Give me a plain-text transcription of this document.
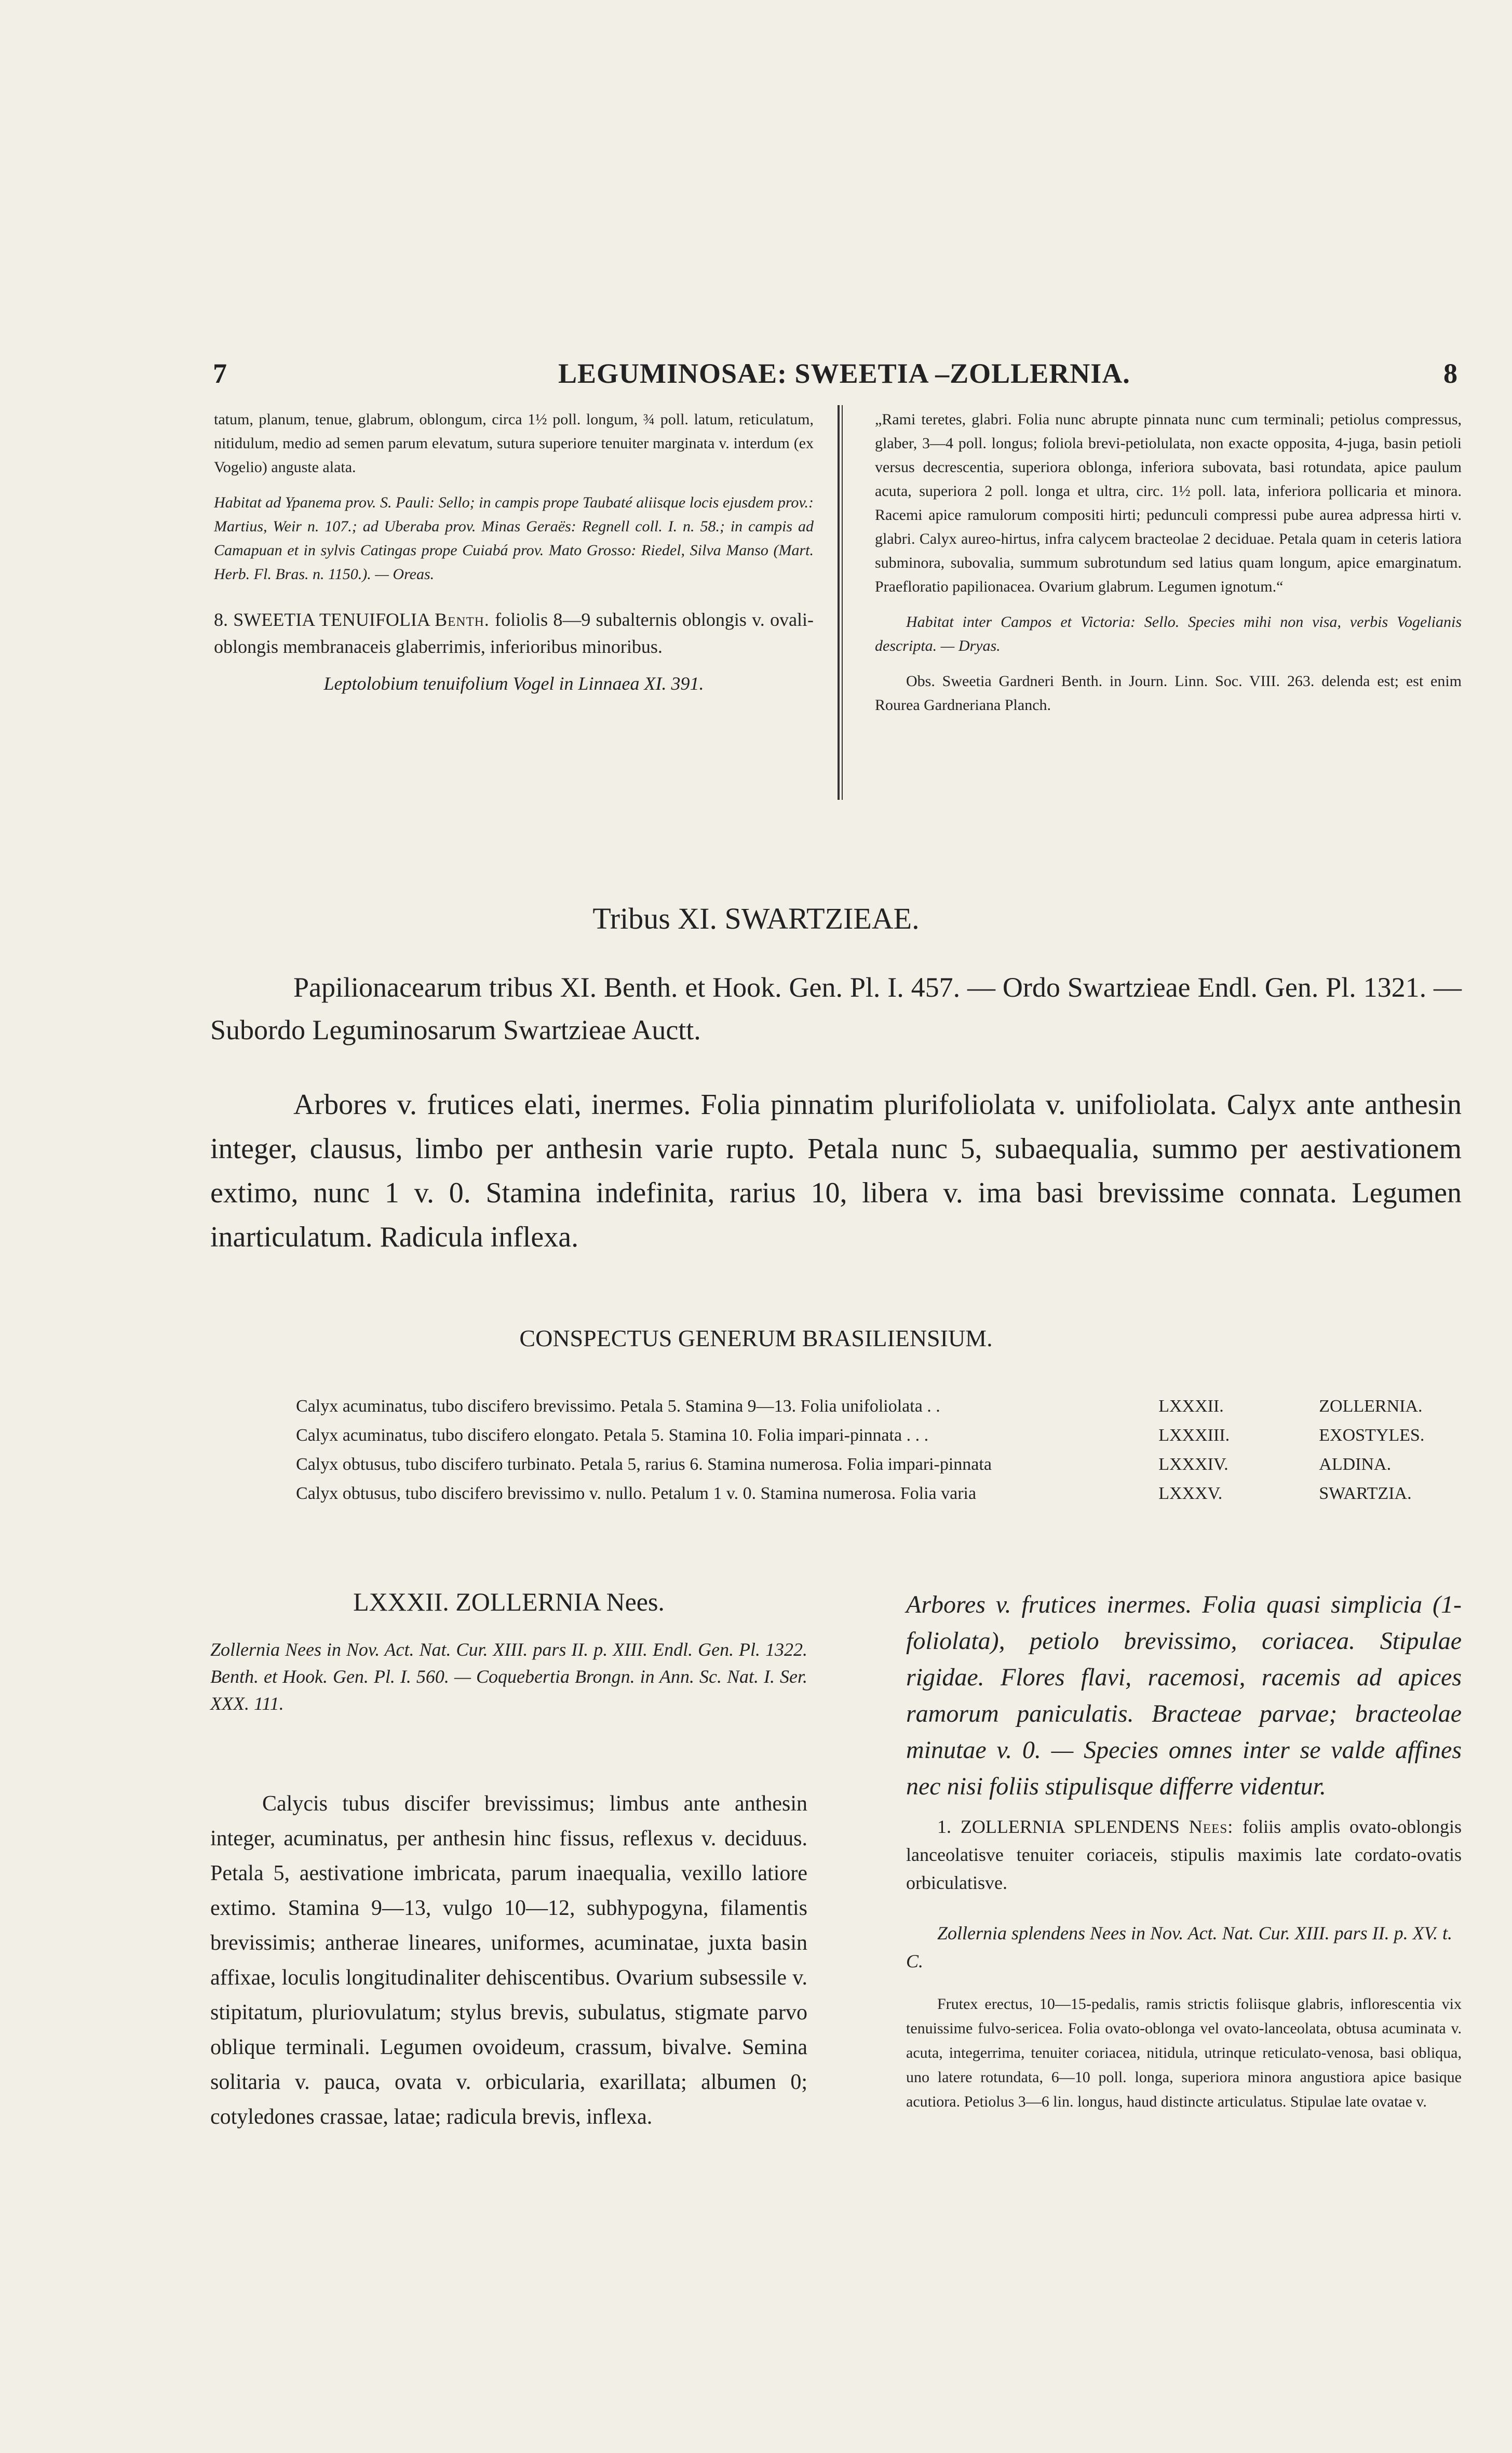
7	LEGUMINOSAE: SWEETIA –ZOLLERNIA.	8

tatum, planum, tenue, glabrum, oblongum, circa 1½ poll. longum, ¾ poll. latum, reticulatum, nitidulum, medio ad semen parum elevatum, sutura superiore tenuiter marginata v. interdum (ex Vogelio) anguste alata.

Habitat ad Ypanema prov. S. Pauli: Sello; in campis prope Taubaté aliisque locis ejusdem prov.: Martius, Weir n. 107.; ad Uberaba prov. Minas Geraës: Regnell coll. I. n. 58.; in campis ad Camapuan et in sylvis Catingas prope Cuiabá prov. Mato Grosso: Riedel, Silva Manso (Mart. Herb. Fl. Bras. n. 1150.). — Oreas.

8. SWEETIA TENUIFOLIA Benth. foliolis 8—9 subalternis oblongis v. ovali-oblongis membranaceis glaberrimis, inferioribus minoribus.

Leptolobium tenuifolium Vogel in Linnaea XI. 391.

„Rami teretes, glabri. Folia nunc abrupte pinnata nunc cum terminali; petiolus compressus, glaber, 3—4 poll. longus; foliola brevi-petiolulata, non exacte opposita, 4-juga, basin petioli versus decrescentia, superiora oblonga, inferiora subovata, basi rotundata, apice paulum acuta, superiora 2 poll. longa et ultra, circ. 1½ poll. lata, inferiora pollicaria et minora. Racemi apice ramulorum compositi hirti; pedunculi compressi pube aurea adpressa hirti v. glabri. Calyx aureo-hirtus, infra calycem bracteolae 2 deciduae. Petala quam in ceteris latiora subminora, subovalia, summum subrotundum sed latius quam longum, apice emarginatum. Praefloratio papilionacea. Ovarium glabrum. Legumen ignotum.“

Habitat inter Campos et Victoria: Sello. Species mihi non visa, verbis Vogelianis descripta. — Dryas.

Obs. Sweetia Gardneri Benth. in Journ. Linn. Soc. VIII. 263. delenda est; est enim Rourea Gardneriana Planch.

Tribus XI. SWARTZIEAE.
Papilionacearum tribus XI. Benth. et Hook. Gen. Pl. I. 457. — Ordo Swartzieae Endl. Gen. Pl. 1321. — Subordo Leguminosarum Swartzieae Auctt.
Arbores v. frutices elati, inermes. Folia pinnatim plurifoliolata v. unifoliolata. Calyx ante anthesin integer, clausus, limbo per anthesin varie rupto. Petala nunc 5, subaequalia, summo per aestivationem extimo, nunc 1 v. 0. Stamina indefinita, rarius 10, libera v. ima basi brevissime connata. Legumen inarticulatum. Radicula inflexa.
CONSPECTUS GENERUM BRASILIENSIUM.
Calyx acuminatus, tubo discifero brevissimo. Petala 5. Stamina 9—13. Folia unifoliolata . .	LXXXII.	ZOLLERNIA.
Calyx acuminatus, tubo discifero elongato. Petala 5. Stamina 10. Folia impari-pinnata . . .	LXXXIII.	EXOSTYLES.
Calyx obtusus, tubo discifero turbinato. Petala 5, rarius 6. Stamina numerosa. Folia impari-pinnata	LXXXIV.	ALDINA.
Calyx obtusus, tubo discifero brevissimo v. nullo. Petalum 1 v. 0. Stamina numerosa. Folia varia	LXXXV.	SWARTZIA.
LXXXII. ZOLLERNIA Nees.
Zollernia Nees in Nov. Act. Nat. Cur. XIII. pars II. p. XIII. Endl. Gen. Pl. 1322. Benth. et Hook. Gen. Pl. I. 560. — Coquebertia Brongn. in Ann. Sc. Nat. I. Ser. XXX. 111.
Calycis tubus discifer brevissimus; limbus ante anthesin integer, acuminatus, per anthesin hinc fissus, reflexus v. deciduus. Petala 5, aestivatione imbricata, parum inaequalia, vexillo latiore extimo. Stamina 9—13, vulgo 10—12, subhypogyna, filamentis brevissimis; antherae lineares, uniformes, acuminatae, juxta basin affixae, loculis longitudinaliter dehiscentibus. Ovarium subsessile v. stipitatum, pluriovulatum; stylus brevis, subulatus, stigmate parvo oblique terminali. Legumen ovoideum, crassum, bivalve. Semina solitaria v. pauca, ovata v. orbicularia, exarillata; albumen 0; cotyledones crassae, latae; radicula brevis, inflexa.
Arbores v. frutices inermes. Folia quasi simplicia (1-foliolata), petiolo brevissimo, coriacea. Stipulae rigidae. Flores flavi, racemosi, racemis ad apices ramorum paniculatis. Bracteae parvae; bracteolae minutae v. 0. — Species omnes inter se valde affines nec nisi foliis stipulisque differre videntur.
1. ZOLLERNIA SPLENDENS Nees: foliis amplis ovato-oblongis lanceolatisve tenuiter coriaceis, stipulis maximis late cordato-ovatis orbiculatisve.
Zollernia splendens Nees in Nov. Act. Nat. Cur. XIII. pars II. p. XV. t. C.
Frutex erectus, 10—15-pedalis, ramis strictis foliisque glabris, inflorescentia vix tenuissime fulvo-sericea. Folia ovato-oblonga vel ovato-lanceolata, obtusa acuminata v. acuta, integerrima, tenuiter coriacea, nitidula, utrinque reticulato-venosa, basi obliqua, uno latere rotundata, 6—10 poll. longa, superiora minora angustiora apice basique acutiora. Petiolus 3—6 lin. longus, haud distincte articulatus. Stipulae late ovatae v.
